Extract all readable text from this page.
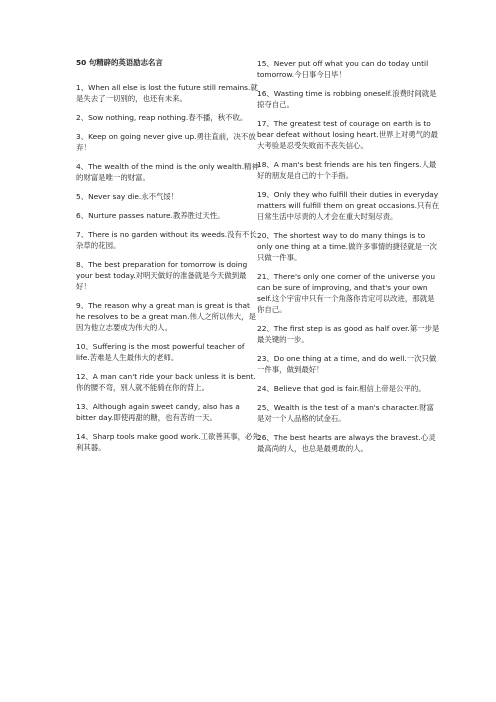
50 句精辟的英语励志名言
1、When all else is lost the future still remains.就是失去了一切别的，也还有未来。
2、Sow nothing, reap nothing.春不播，秋不收。
3、Keep on going never give up.勇往直前，决不放弃！
4、The wealth of the mind is the only wealth.精神的财富是唯一的财富。
5、Never say die.永不气馁！
6、Nurture passes nature.教养胜过天性。
7、There is no garden without its weeds.没有不长杂草的花园。
8、The best preparation for tomorrow is doing your best today.对明天做好的准备就是今天做到最好！
9、The reason why a great man is great is that he resolves to be a great man.伟人之所以伟大，是因为他立志要成为伟大的人。
10、Suffering is the most powerful teacher of life.苦难是人生最伟大的老师。
12、A man can't ride your back unless it is bent.你的腰不弯，别人就不能骑在你的背上。
13、Although again sweet candy, also has a bitter day.即使再甜的糖，也有苦的一天。
14、Sharp tools make good work.工欲善其事，必先利其器。
15、Never put off what you can do today until tomorrow.今日事今日毕！
16、Wasting time is robbing oneself.浪费时间就是掠夺自己。
17、The greatest test of courage on earth is to bear defeat without losing heart.世界上对勇气的最大考验是忍受失败而不丧失信心。
18、A man's best friends are his ten fingers.人最好的朋友是自己的十个手指。
19、Only they who fulfill their duties in everyday matters will fulfill them on great occasions.只有在日常生活中尽责的人才会在重大时刻尽责。
20、The shortest way to do many things is to only one thing at a time.做许多事情的捷径就是一次只做一件事。
21、There's only one corner of the universe you can be sure of improving, and that's your own self.这个宇宙中只有一个角落你肯定可以改进，那就是你自己。
22、The first step is as good as half over.第一步是最关键的一步。
23、Do one thing at a time, and do well.一次只做一件事，做到最好！
24、Believe that god is fair.相信上帝是公平的。
25、Wealth is the test of a man's character.财富是对一个人品格的试金石。
26、The best hearts are always the bravest.心灵最高尚的人，也总是最勇敢的人。
